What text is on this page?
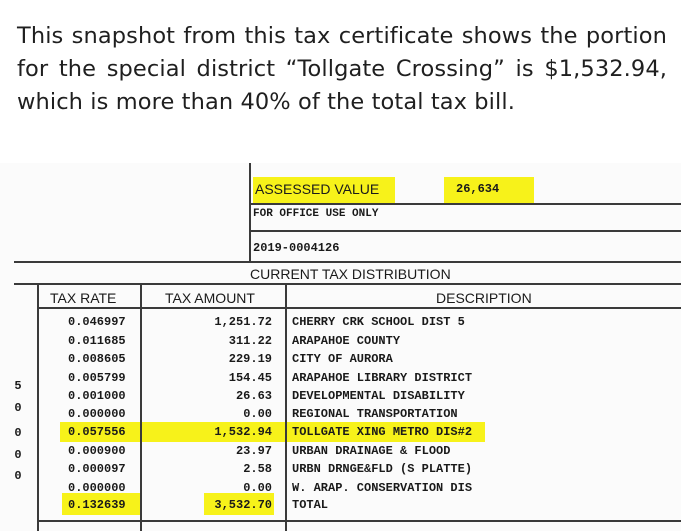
This snapshot from this tax certificate shows the portion for the special district “Tollgate Crossing” is $1,532.94, which is more than 40% of the total tax bill.
ASSESSED VALUE	26,634
FOR OFFICE USE ONLY
2019-0004126
CURRENT TAX DISTRIBUTION
TAX RATE	TAX AMOUNT	DESCRIPTION
5
0
0
0
0
0.046997	1,251.72 CHERRY CRK SCHOOL DIST 5
0.011685	311.22 ARAPAHOE COUNTY
0.008605	229.19 CITY OF AURORA
0.005799	154.45 ARAPAHOE LIBRARY DISTRICT
0.001000	26.63 DEVELOPMENTAL DISABILITY
0.000000	0.00 REGIONAL TRANSPORTATION
0.057556	1,532.94 TOLLGATE XING METRO DIS#2
0.000900	23.97 URBAN DRAINAGE & FLOOD
0.000097	2.58 URBN DRNGE&FLD (S PLATTE)
0.000000	0.00 W. ARAP. CONSERVATION DIS
0.132639	3,532.70 TOTAL
